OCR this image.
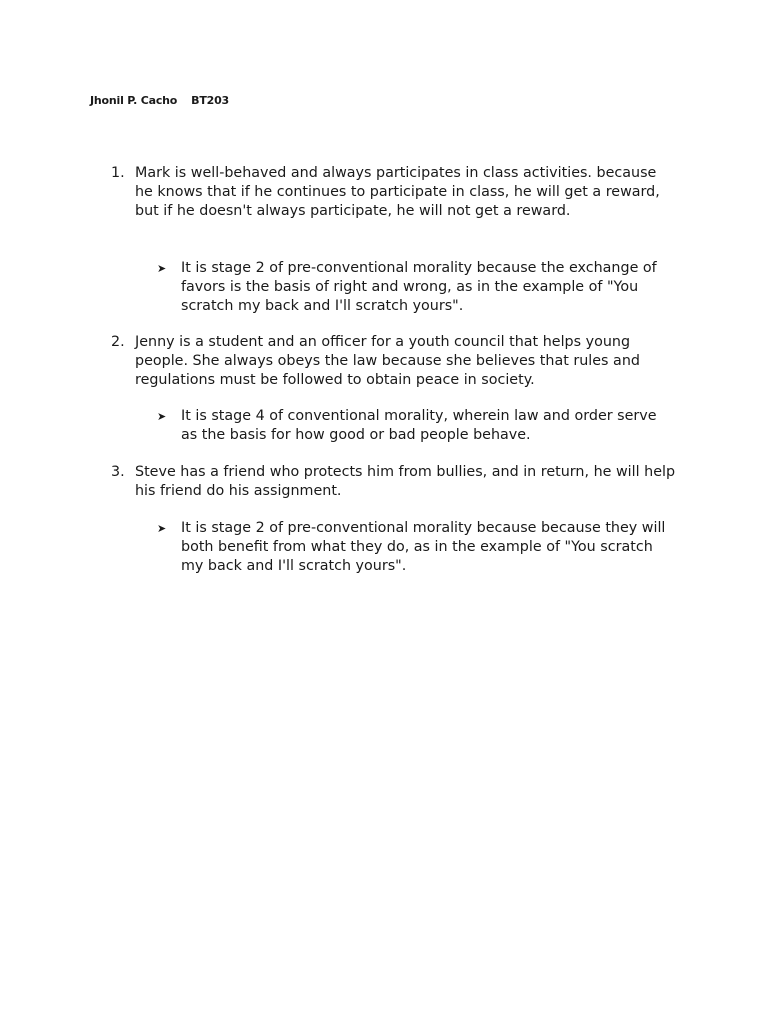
Jhonil P. Cacho BT203
1. Mark is well-behaved and always participates in class activities. because he knows that if he continues to participate in class, he will get a reward, but if he doesn't always participate, he will not get a reward.
➤ It is stage 2 of pre-conventional morality because the exchange of favors is the basis of right and wrong, as in the example of "You scratch my back and I'll scratch yours".
2. Jenny is a student and an officer for a youth council that helps young people. She always obeys the law because she believes that rules and regulations must be followed to obtain peace in society.
➤ It is stage 4 of conventional morality, wherein law and order serve as the basis for how good or bad people behave.
3. Steve has a friend who protects him from bullies, and in return, he will help his friend do his assignment.
➤ It is stage 2 of pre-conventional morality because because they will both benefit from what they do, as in the example of "You scratch my back and I'll scratch yours".
